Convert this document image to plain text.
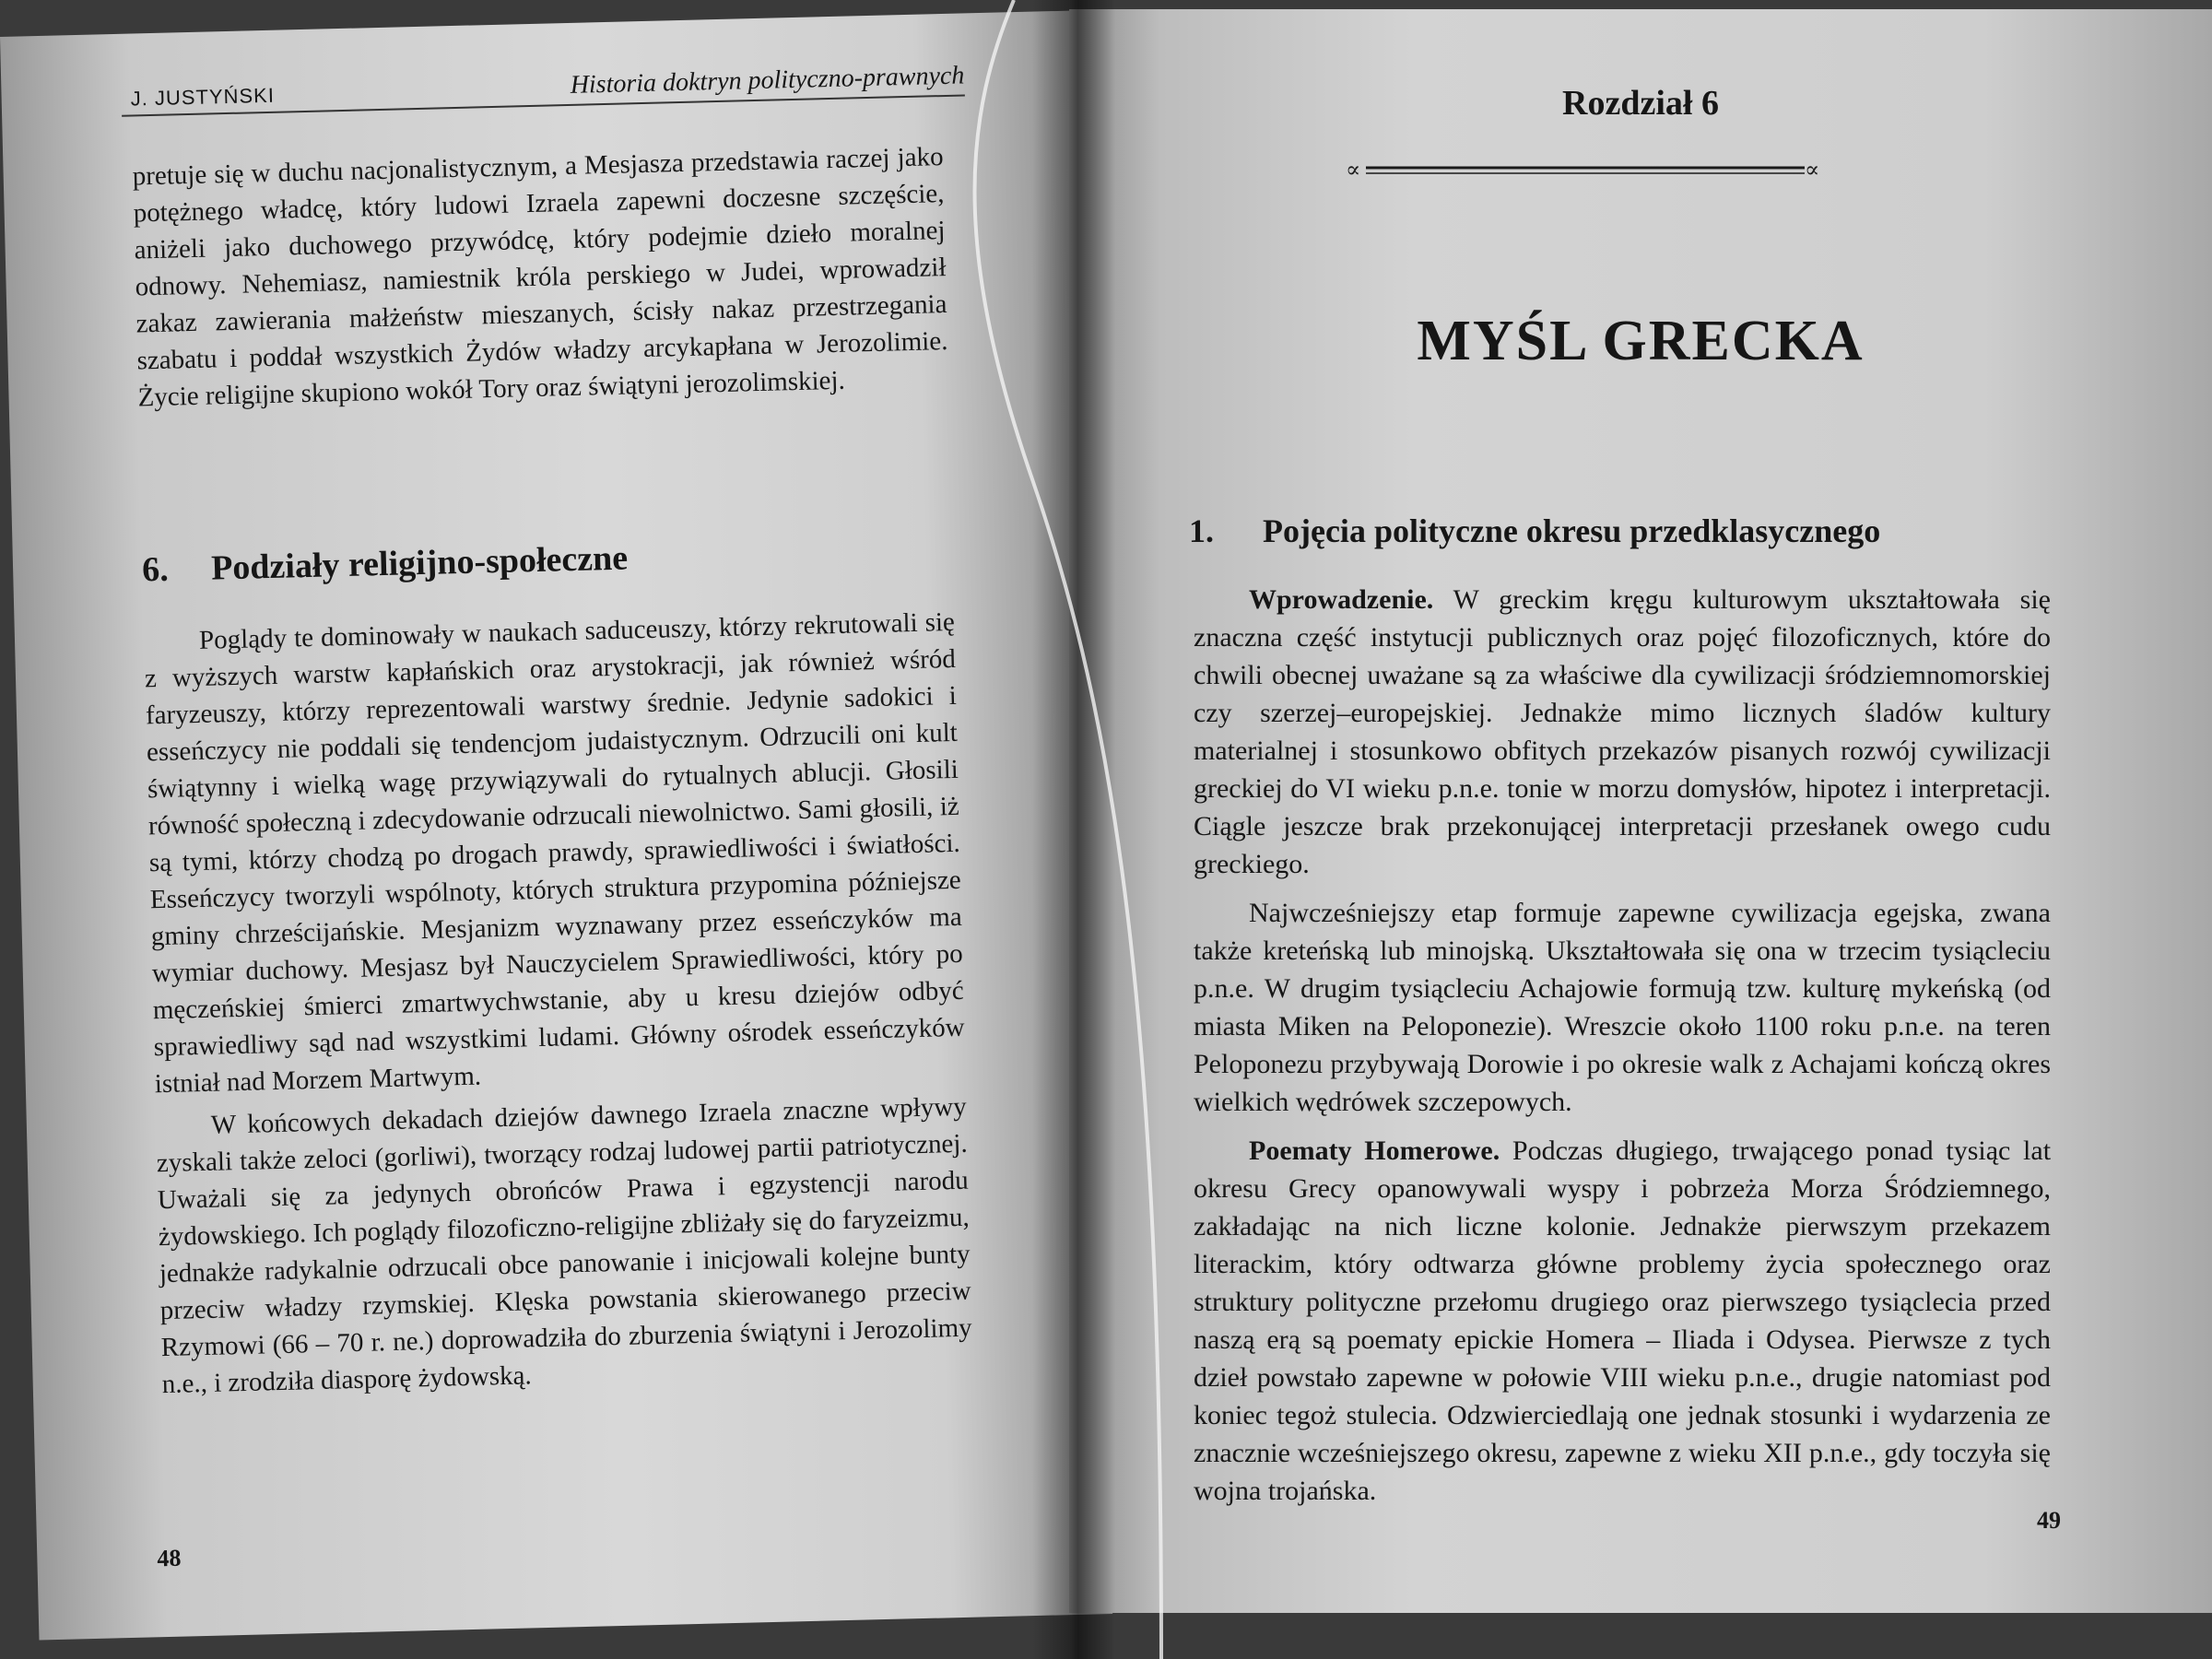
J. JUSTYŃSKI	Historia doktryn polityczno-prawnych

pretuje się w duchu nacjonalistycznym, a Mesjasza przedstawia raczej jako potężnego władcę, który ludowi Izraela zapewni doczesne szczęście, aniżeli jako duchowego przywódcę, który podejmie dzieło moralnej odnowy. Nehemiasz, namiestnik króla perskiego w Judei, wprowadził zakaz zawierania małżeństw mieszanych, ścisły nakaz przestrzegania szabatu i poddał wszystkich Żydów władzy arcykapłana w Jerozolimie. Życie religijne skupiono wokół Tory oraz świątyni jerozolimskiej.

6. Podziały religijno-społeczne

Poglądy te dominowały w naukach saduceuszy, którzy rekrutowali się z wyższych warstw kapłańskich oraz arystokracji, jak również wśród faryzeuszy, którzy reprezentowali warstwy średnie. Jedynie sadokici i esseńczycy nie poddali się tendencjom judaistycznym. Odrzucili oni kult świątynny i wielką wagę przywiązywali do rytualnych ablucji. Głosili równość społeczną i zdecydowanie odrzucali niewolnictwo. Sami głosili, iż są tymi, którzy chodzą po drogach prawdy, sprawiedliwości i światłości. Esseńczycy tworzyli wspólnoty, których struktura przypomina późniejsze gminy chrześcijańskie. Mesjanizm wyznawany przez esseńczyków ma wymiar duchowy. Mesjasz był Nauczycielem Sprawiedliwości, który po męczeńskiej śmierci zmartwychwstanie, aby u kresu dziejów odbyć sprawiedliwy sąd nad wszystkimi ludami. Główny ośrodek esseńczyków istniał nad Morzem Martwym.

W końcowych dekadach dziejów dawnego Izraela znaczne wpływy zyskali także zeloci (gorliwi), tworzący rodzaj ludowej partii patriotycznej. Uważali się za jedynych obrońców Prawa i egzystencji narodu żydowskiego. Ich poglądy filozoficzno-religijne zbliżały się do faryzeizmu, jednakże radykalnie odrzucali obce panowanie i inicjowali kolejne bunty przeciw władzy rzymskiej. Klęska powstania skierowanego przeciw Rzymowi (66 – 70 r. ne.) doprowadziła do zburzenia świątyni i Jerozolimy n.e., i zrodziła diasporę żydowską.

48
Rozdział 6
∝	∝
MYŚL GRECKA
1. Pojęcia polityczne okresu przedklasycznego

Wprowadzenie. W greckim kręgu kulturowym ukształtowała się znaczna część instytucji publicznych oraz pojęć filozoficznych, które do chwili obecnej uważane są za właściwe dla cywilizacji śródziemnomorskiej czy szerzej–europejskiej. Jednakże mimo licznych śladów kultury materialnej i stosunkowo obfitych przekazów pisanych rozwój cywilizacji greckiej do VI wieku p.n.e. tonie w morzu domysłów, hipotez i interpretacji. Ciągle jeszcze brak przekonującej interpretacji przesłanek owego cudu greckiego.

Najwcześniejszy etap formuje zapewne cywilizacja egejska, zwana także kreteńską lub minojską. Ukształtowała się ona w trzecim tysiącleciu p.n.e. W drugim tysiącleciu Achajowie formują tzw. kulturę mykeńską (od miasta Miken na Peloponezie). Wreszcie około 1100 roku p.n.e. na teren Peloponezu przybywają Dorowie i po okresie walk z Achajami kończą okres wielkich wędrówek szczepowych.

Poematy Homerowe. Podczas długiego, trwającego ponad tysiąc lat okresu Grecy opanowywali wyspy i pobrzeża Morza Śródziemnego, zakładając na nich liczne kolonie. Jednakże pierwszym przekazem literackim, który odtwarza główne problemy życia społecznego oraz struktury polityczne przełomu drugiego oraz pierwszego tysiąclecia przed naszą erą są poematy epickie Homera – Iliada i Odysea. Pierwsze z tych dzieł powstało zapewne w połowie VIII wieku p.n.e., drugie natomiast pod koniec tegoż stulecia. Odzwierciedlają one jednak stosunki i wydarzenia ze znacznie wcześniejszego okresu, zapewne z wieku XII p.n.e., gdy toczyła się wojna trojańska.

49
